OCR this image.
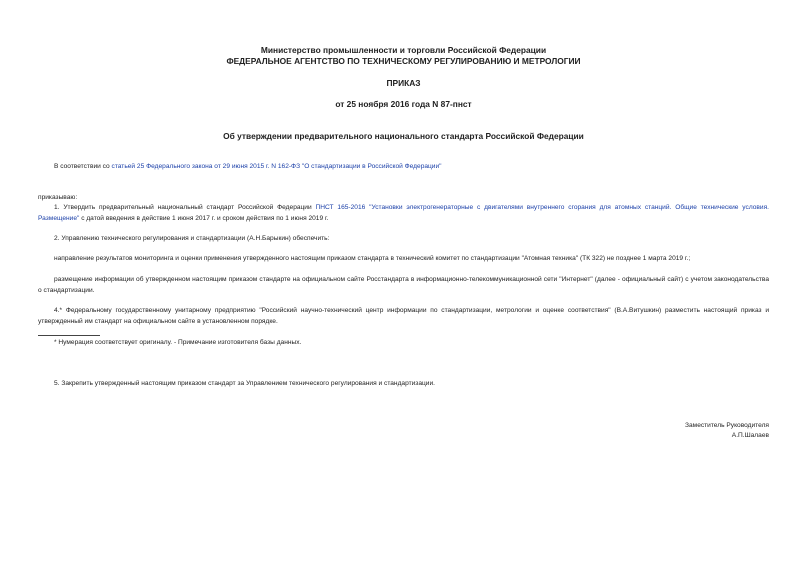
Министерство промышленности и торговли Российской Федерации
ФЕДЕРАЛЬНОЕ АГЕНТСТВО ПО ТЕХНИЧЕСКОМУ РЕГУЛИРОВАНИЮ И МЕТРОЛОГИИ
ПРИКАЗ
от 25 ноября 2016 года N 87-пнст
Об утверждении предварительного национального стандарта Российской Федерации
В соответствии со статьей 25 Федерального закона от 29 июня 2015 г. N 162-ФЗ "О стандартизации в Российской Федерации"
приказываю:
1. Утвердить предварительный национальный стандарт Российской Федерации ПНСТ 165-2016 "Установки электрогенераторные с двигателями внутреннего сгорания для атомных станций. Общие технические условия. Размещение" с датой введения в действие 1 июня 2017 г. и сроком действия по 1 июня 2019 г.
2. Управлению технического регулирования и стандартизации (А.Н.Барыкин) обеспечить:
направление результатов мониторинга и оценки применения утвержденного настоящим приказом стандарта в технический комитет по стандартизации "Атомная техника" (ТК 322) не позднее 1 марта 2019 г.;
размещение информации об утвержденном настоящим приказом стандарте на официальном сайте Росстандарта в информационно-телекоммуникационной сети "Интернет" (далее - официальный сайт) с учетом законодательства о стандартизации.
4.* Федеральному государственному унитарному предприятию "Российский научно-технический центр информации по стандартизации, метрологии и оценке соответствия" (В.А.Витушкин) разместить настоящий приказ и утвержденный им стандарт на официальном сайте в установленном порядке.
* Нумерация соответствует оригиналу. - Примечание изготовителя базы данных.
5. Закрепить утвержденный настоящим приказом стандарт за Управлением технического регулирования и стандартизации.
Заместитель Руководителя
А.П.Шалаев
